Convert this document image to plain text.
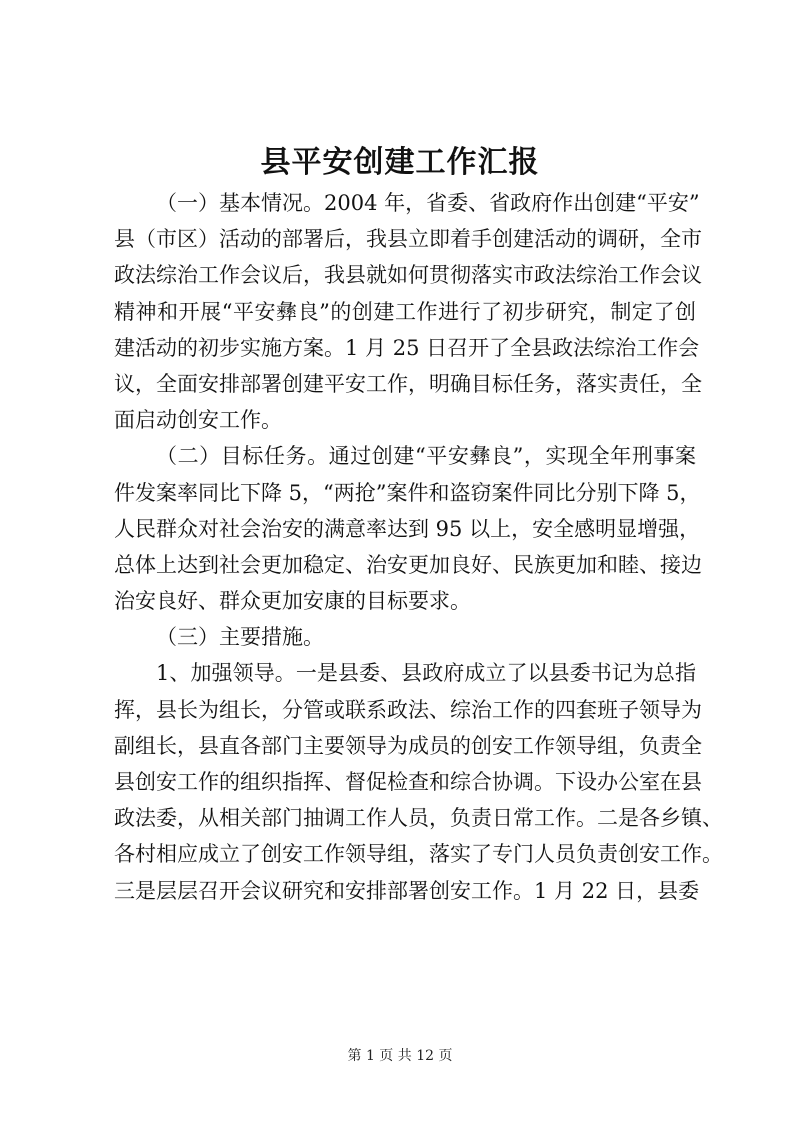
县平安创建工作汇报
（一）基本情况。2004 年，省委、省政府作出创建“平安”
县（市区）活动的部署后，我县立即着手创建活动的调研，全市
政法综治工作会议后，我县就如何贯彻落实市政法综治工作会议
精神和开展“平安彝良”的创建工作进行了初步研究，制定了创
建活动的初步实施方案。1 月 25 日召开了全县政法综治工作会
议，全面安排部署创建平安工作，明确目标任务，落实责任，全
面启动创安工作。
（二）目标任务。通过创建“平安彝良”，实现全年刑事案
件发案率同比下降 5，“两抢”案件和盗窃案件同比分别下降 5，
人民群众对社会治安的满意率达到 95 以上，安全感明显增强，
总体上达到社会更加稳定、治安更加良好、民族更加和睦、接边
治安良好、群众更加安康的目标要求。
（三）主要措施。
1、加强领导。一是县委、县政府成立了以县委书记为总指
挥，县长为组长，分管或联系政法、综治工作的四套班子领导为
副组长，县直各部门主要领导为成员的创安工作领导组，负责全
县创安工作的组织指挥、督促检查和综合协调。下设办公室在县
政法委，从相关部门抽调工作人员，负责日常工作。二是各乡镇、
各村相应成立了创安工作领导组，落实了专门人员负责创安工作。
三是层层召开会议研究和安排部署创安工作。1 月 22 日，县委
第 1 页 共 12 页
